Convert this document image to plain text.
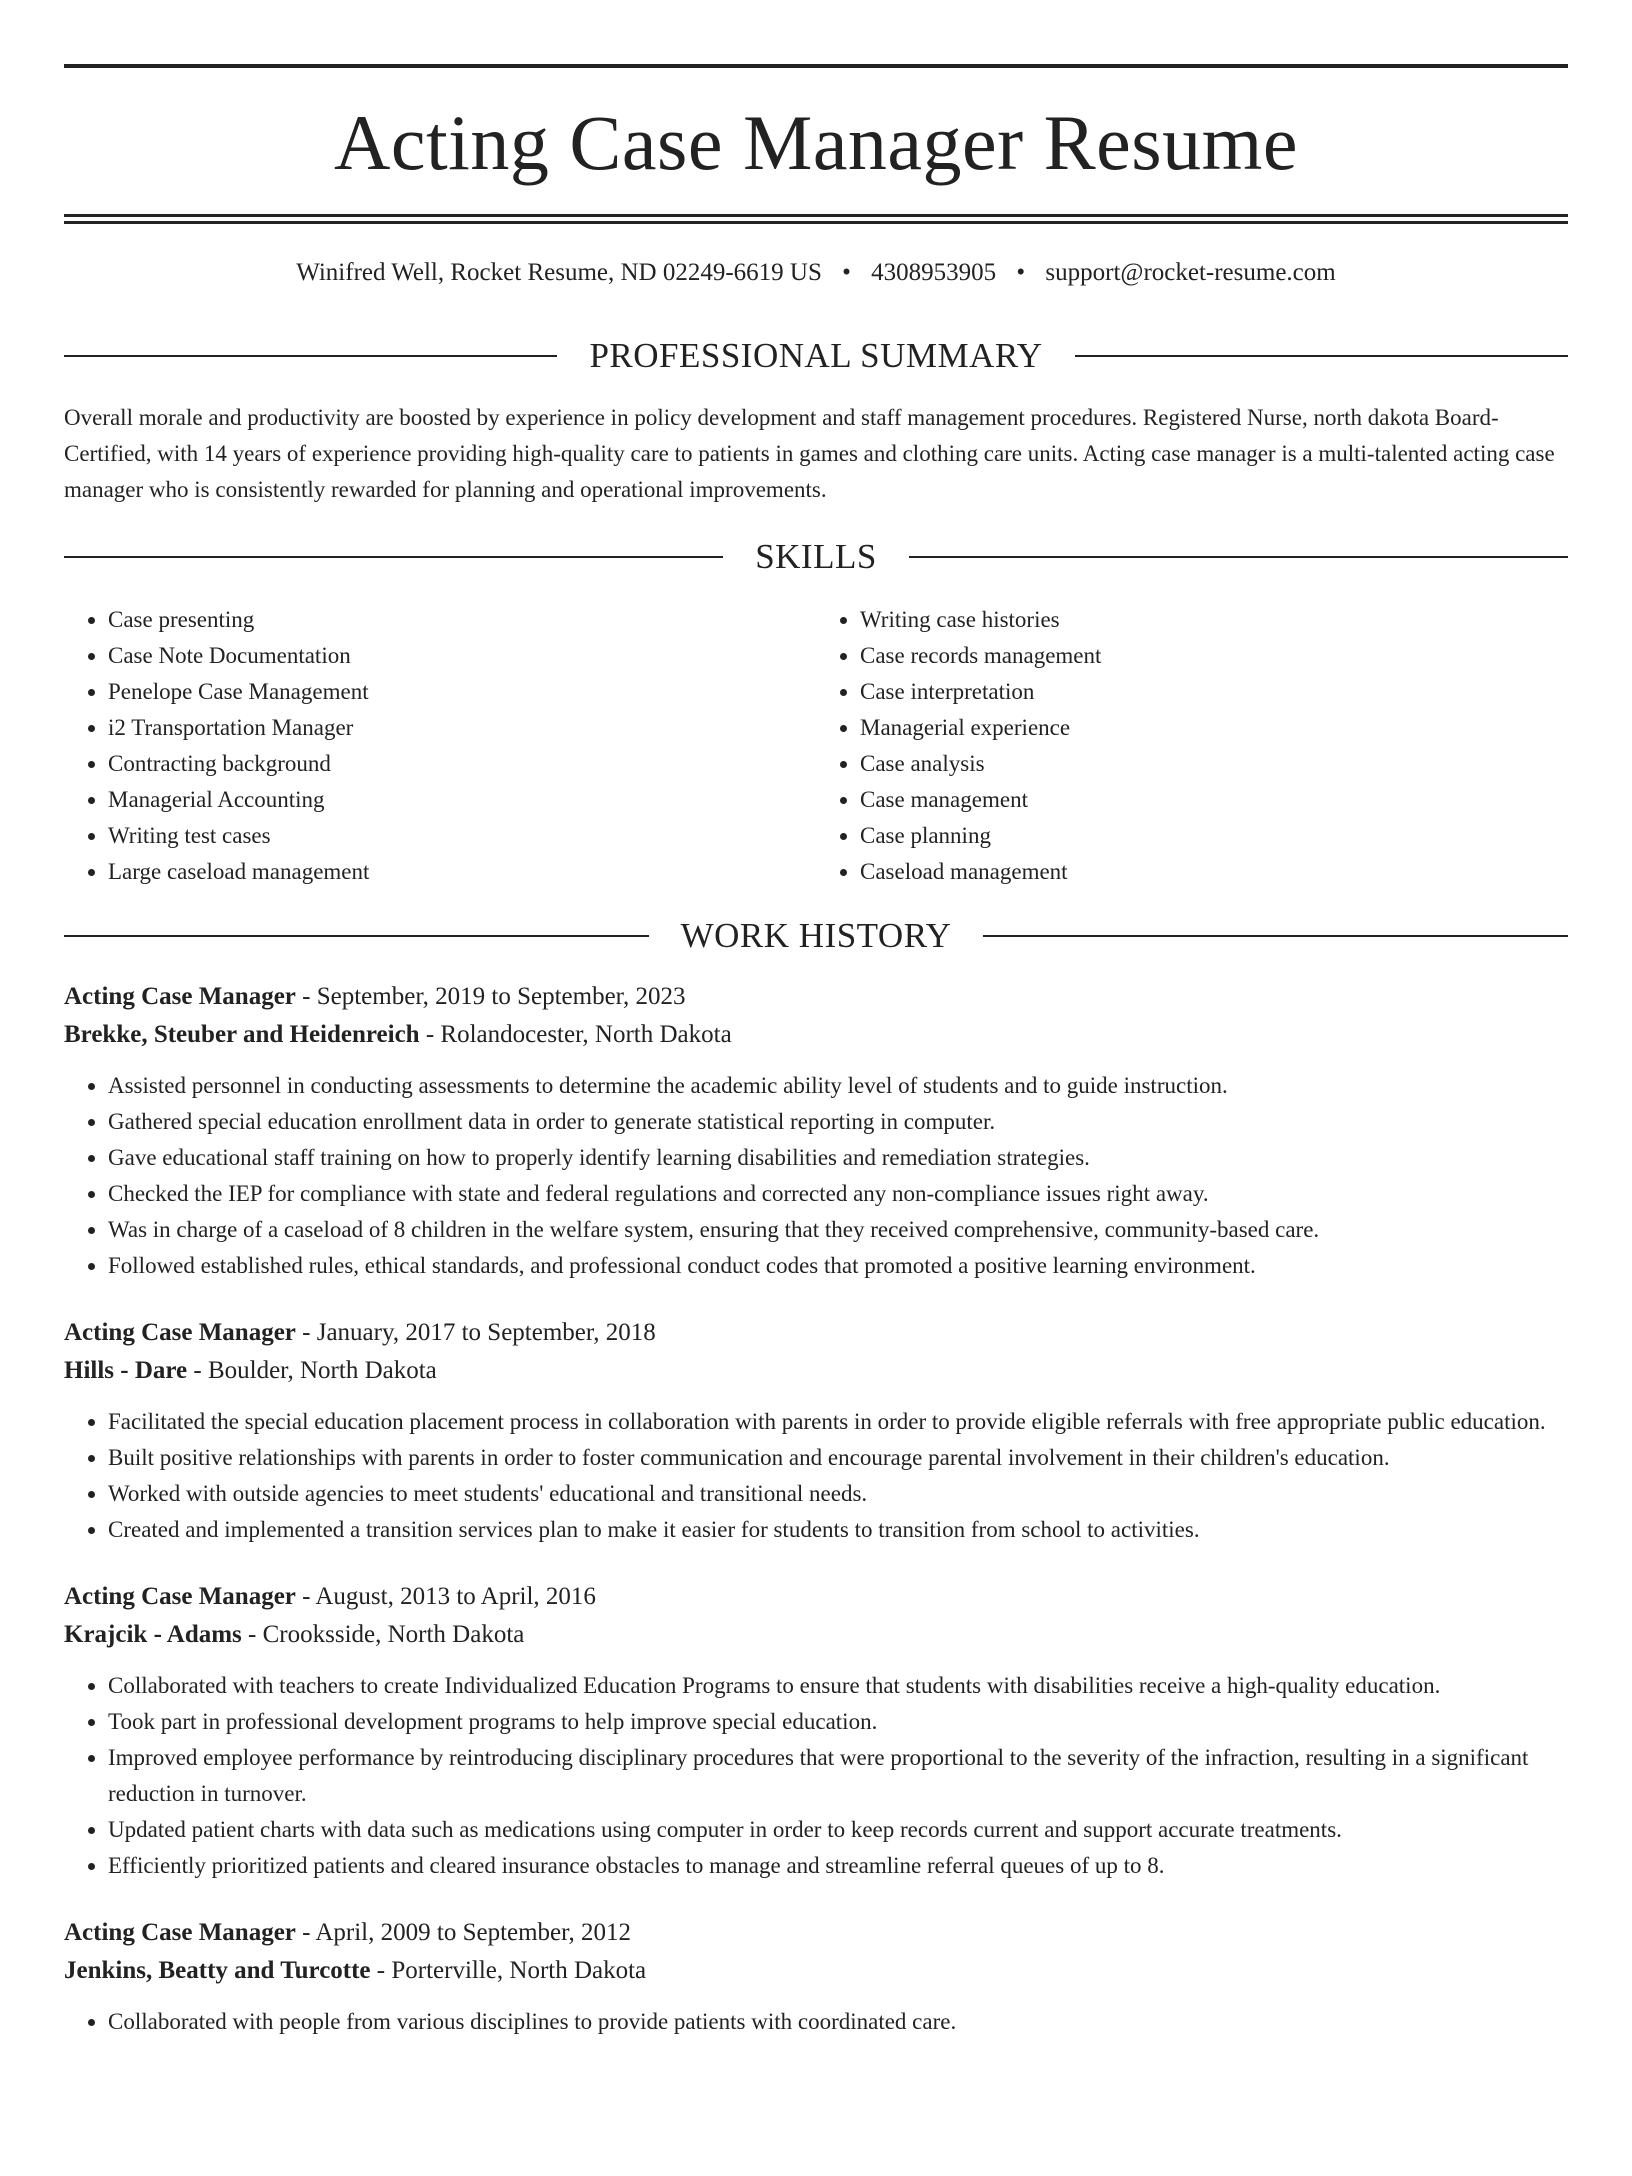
Acting Case Manager Resume
Winifred Well, Rocket Resume, ND 02249-6619 US • 4308953905 • support@rocket-resume.com
PROFESSIONAL SUMMARY

Overall morale and productivity are boosted by experience in policy development and staff management procedures. Registered Nurse, north dakota Board-Certified, with 14 years of experience providing high-quality care to patients in games and clothing care units. Acting case manager is a multi-talented acting case manager who is consistently rewarded for planning and operational improvements.

SKILLS
• Case presenting
• Case Note Documentation
• Penelope Case Management
• i2 Transportation Manager
• Contracting background
• Managerial Accounting
• Writing test cases
• Large caseload management
• Writing case histories
• Case records management
• Case interpretation
• Managerial experience
• Case analysis
• Case management
• Case planning
• Caseload management
WORK HISTORY
Acting Case Manager - September, 2019 to September, 2023
Brekke, Steuber and Heidenreich - Rolandocester, North Dakota
• Assisted personnel in conducting assessments to determine the academic ability level of students and to guide instruction.
• Gathered special education enrollment data in order to generate statistical reporting in computer.
• Gave educational staff training on how to properly identify learning disabilities and remediation strategies.
• Checked the IEP for compliance with state and federal regulations and corrected any non-compliance issues right away.
• Was in charge of a caseload of 8 children in the welfare system, ensuring that they received comprehensive, community-based care.
• Followed established rules, ethical standards, and professional conduct codes that promoted a positive learning environment.
Acting Case Manager - January, 2017 to September, 2018
Hills - Dare - Boulder, North Dakota
• Facilitated the special education placement process in collaboration with parents in order to provide eligible referrals with free appropriate public education.
• Built positive relationships with parents in order to foster communication and encourage parental involvement in their children's education.
• Worked with outside agencies to meet students' educational and transitional needs.
• Created and implemented a transition services plan to make it easier for students to transition from school to activities.
Acting Case Manager - August, 2013 to April, 2016
Krajcik - Adams - Crooksside, North Dakota
• Collaborated with teachers to create Individualized Education Programs to ensure that students with disabilities receive a high-quality education.
• Took part in professional development programs to help improve special education.
• Improved employee performance by reintroducing disciplinary procedures that were proportional to the severity of the infraction, resulting in a significant reduction in turnover.
• Updated patient charts with data such as medications using computer in order to keep records current and support accurate treatments.
• Efficiently prioritized patients and cleared insurance obstacles to manage and streamline referral queues of up to 8.
Acting Case Manager - April, 2009 to September, 2012
Jenkins, Beatty and Turcotte - Porterville, North Dakota
• Collaborated with people from various disciplines to provide patients with coordinated care.
